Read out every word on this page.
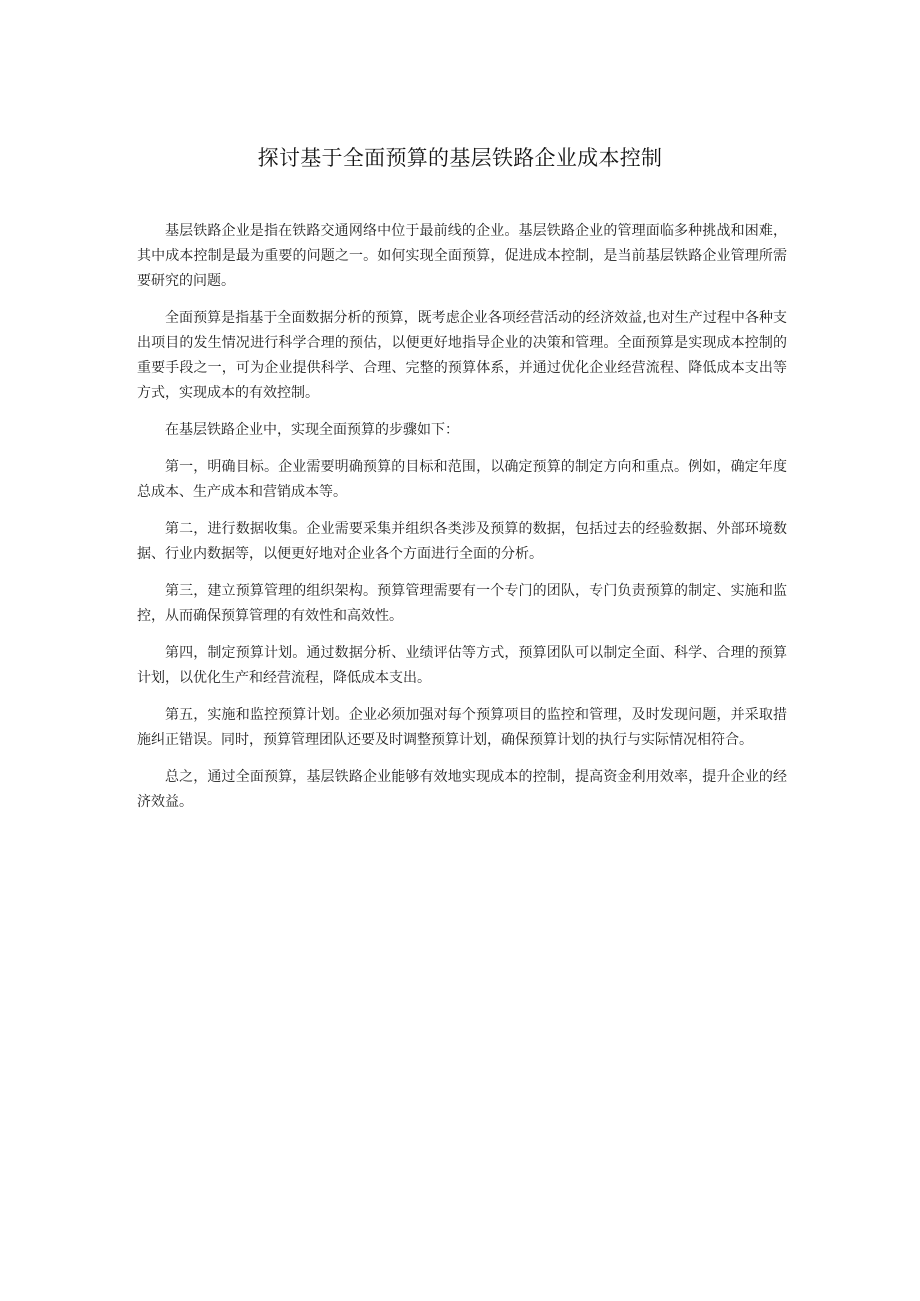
探讨基于全面预算的基层铁路企业成本控制

基层铁路企业是指在铁路交通网络中位于最前线的企业。基层铁路企业的管理面临多种挑战和困难，其中成本控制是最为重要的问题之一。如何实现全面预算，促进成本控制，是当前基层铁路企业管理所需要研究的问题。

全面预算是指基于全面数据分析的预算，既考虑企业各项经营活动的经济效益,也对生产过程中各种支出项目的发生情况进行科学合理的预估，以便更好地指导企业的决策和管理。全面预算是实现成本控制的重要手段之一，可为企业提供科学、合理、完整的预算体系，并通过优化企业经营流程、降低成本支出等方式，实现成本的有效控制。

在基层铁路企业中，实现全面预算的步骤如下：

第一，明确目标。企业需要明确预算的目标和范围，以确定预算的制定方向和重点。例如，确定年度总成本、生产成本和营销成本等。

第二，进行数据收集。企业需要采集并组织各类涉及预算的数据，包括过去的经验数据、外部环境数据、行业内数据等，以便更好地对企业各个方面进行全面的分析。

第三，建立预算管理的组织架构。预算管理需要有一个专门的团队，专门负责预算的制定、实施和监控，从而确保预算管理的有效性和高效性。

第四，制定预算计划。通过数据分析、业绩评估等方式，预算团队可以制定全面、科学、合理的预算计划，以优化生产和经营流程，降低成本支出。

第五，实施和监控预算计划。企业必须加强对每个预算项目的监控和管理，及时发现问题，并采取措施纠正错误。同时，预算管理团队还要及时调整预算计划，确保预算计划的执行与实际情况相符合。

总之，通过全面预算，基层铁路企业能够有效地实现成本的控制，提高资金利用效率，提升企业的经济效益。
